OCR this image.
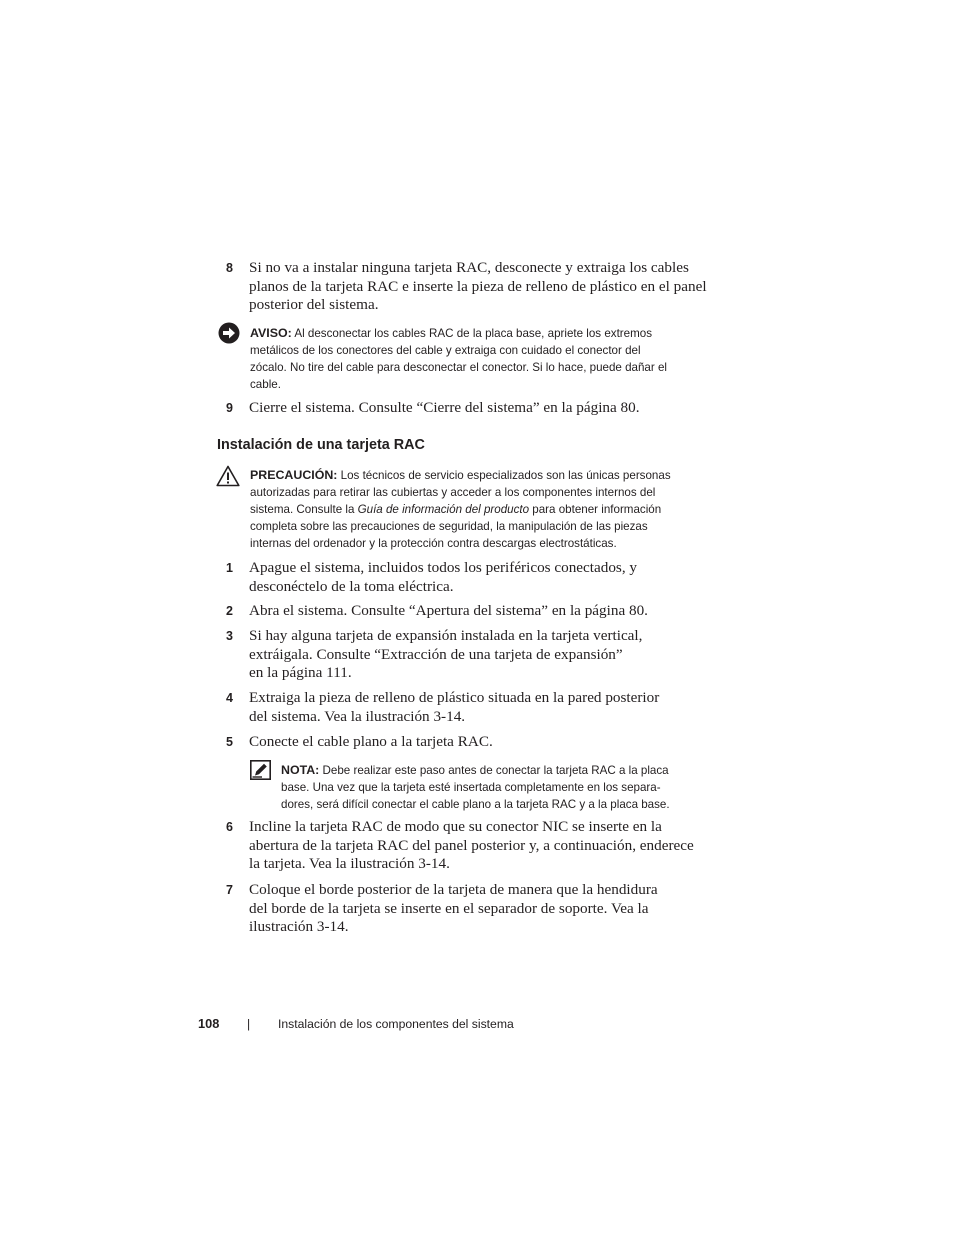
8 Si no va a instalar ninguna tarjeta RAC, desconecte y extraiga los cables
planos de la tarjeta RAC e inserte la pieza de relleno de plástico en el panel
posterior del sistema.
AVISO: Al desconectar los cables RAC de la placa base, apriete los extremos
metálicos de los conectores del cable y extraiga con cuidado el conector del
zócalo. No tire del cable para desconectar el conector. Si lo hace, puede dañar el
cable.
9 Cierre el sistema. Consulte “Cierre del sistema” en la página 80.
Instalación de una tarjeta RAC
PRECAUCIÓN: Los técnicos de servicio especializados son las únicas personas
autorizadas para retirar las cubiertas y acceder a los componentes internos del
sistema. Consulte la Guía de información del producto para obtener información
completa sobre las precauciones de seguridad, la manipulación de las piezas
internas del ordenador y la protección contra descargas electrostáticas.
1 Apague el sistema, incluidos todos los periféricos conectados, y
desconéctelo de la toma eléctrica.
2 Abra el sistema. Consulte “Apertura del sistema” en la página 80.
3 Si hay alguna tarjeta de expansión instalada en la tarjeta vertical,
extráigala. Consulte “Extracción de una tarjeta de expansión”
en la página 111.
4 Extraiga la pieza de relleno de plástico situada en la pared posterior
del sistema. Vea la ilustración 3-14.
5 Conecte el cable plano a la tarjeta RAC.
NOTA: Debe realizar este paso antes de conectar la tarjeta RAC a la placa
base. Una vez que la tarjeta esté insertada completamente en los separa-
dores, será difícil conectar el cable plano a la tarjeta RAC y a la placa base.
6 Incline la tarjeta RAC de modo que su conector NIC se inserte en la
abertura de la tarjeta RAC del panel posterior y, a continuación, enderece
la tarjeta. Vea la ilustración 3-14.
7 Coloque el borde posterior de la tarjeta de manera que la hendidura
del borde de la tarjeta se inserte en el separador de soporte. Vea la
ilustración 3-14.
108 | Instalación de los componentes del sistema
